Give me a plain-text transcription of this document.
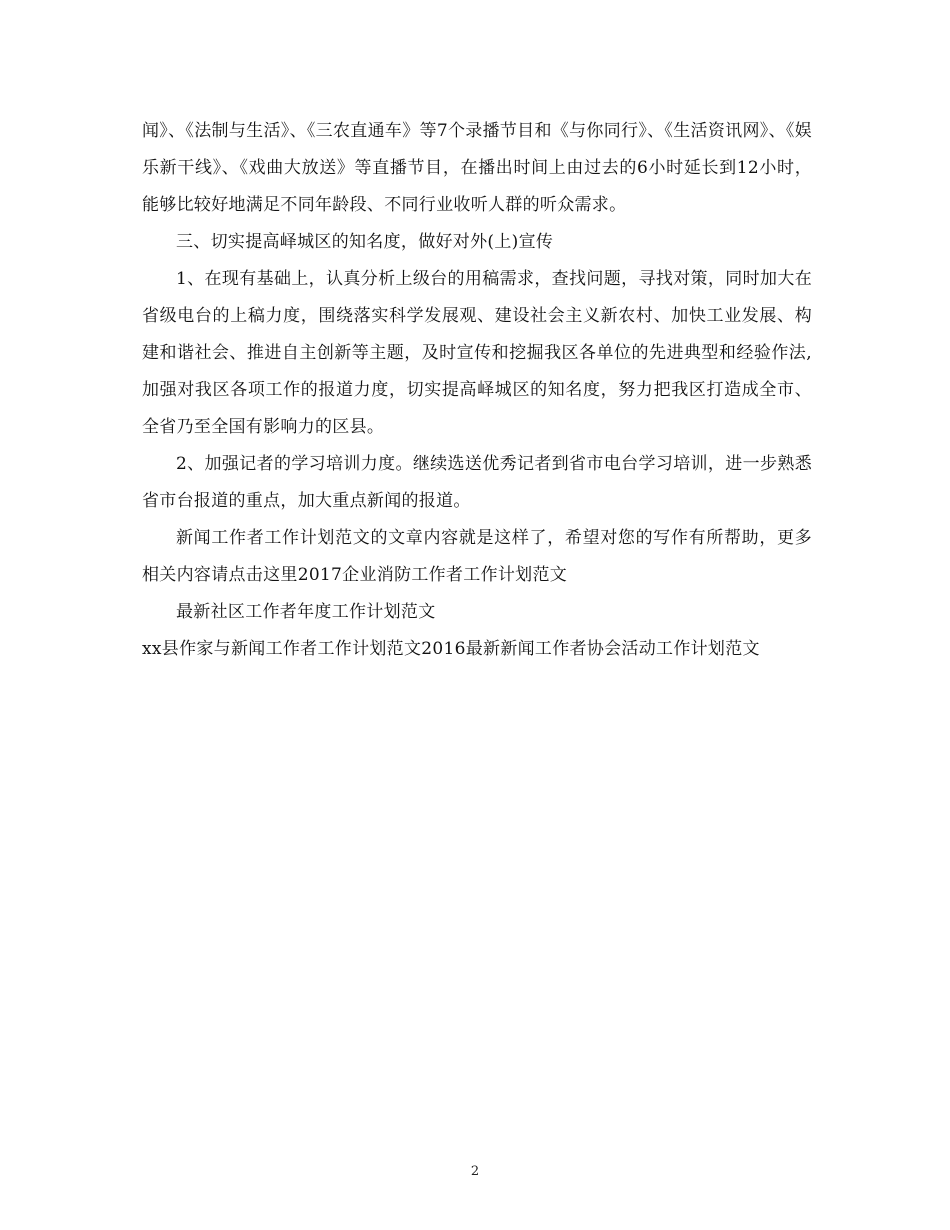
闻》、《法制与生活》、《三农直通车》等7个录播节目和《与你同行》、《生活资讯网》、《娱乐新干线》、《戏曲大放送》等直播节目，在播出时间上由过去的6小时延长到12小时，能够比较好地满足不同年龄段、不同行业收听人群的听众需求。

三、切实提高峄城区的知名度，做好对外(上)宣传

1、在现有基础上，认真分析上级台的用稿需求，查找问题，寻找对策，同时加大在省级电台的上稿力度，围绕落实科学发展观、建设社会主义新农村、加快工业发展、构建和谐社会、推进自主创新等主题，及时宣传和挖掘我区各单位的先进典型和经验作法,加强对我区各项工作的报道力度，切实提高峄城区的知名度，努力把我区打造成全市、全省乃至全国有影响力的区县。

2、加强记者的学习培训力度。继续选送优秀记者到省市电台学习培训，进一步熟悉省市台报道的重点，加大重点新闻的报道。

新闻工作者工作计划范文的文章内容就是这样了，希望对您的写作有所帮助，更多相关内容请点击这里2017企业消防工作者工作计划范文

最新社区工作者年度工作计划范文

xx县作家与新闻工作者工作计划范文2016最新新闻工作者协会活动工作计划范文

2
